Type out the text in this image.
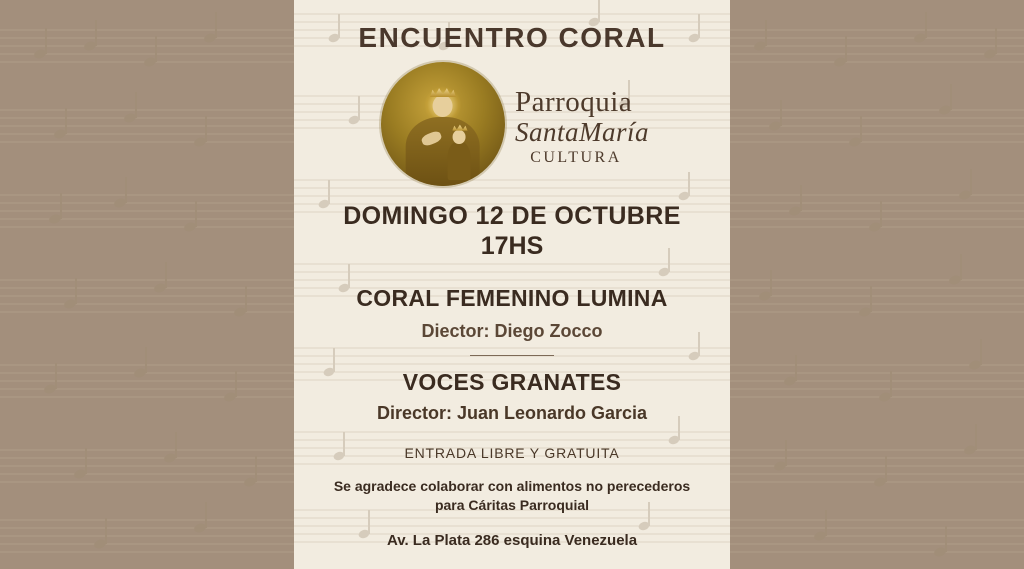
ENCUENTRO CORAL
Parroquia
SantaMaría
CULTURA
DOMINGO 12 DE OCTUBRE
17HS
CORAL FEMENINO LUMINA
Diector: Diego Zocco
VOCES GRANATES
Director: Juan Leonardo Garcia
ENTRADA LIBRE Y GRATUITA
Se agradece colaborar con alimentos no perecederos
para Cáritas Parroquial
Av. La Plata 286 esquina Venezuela
